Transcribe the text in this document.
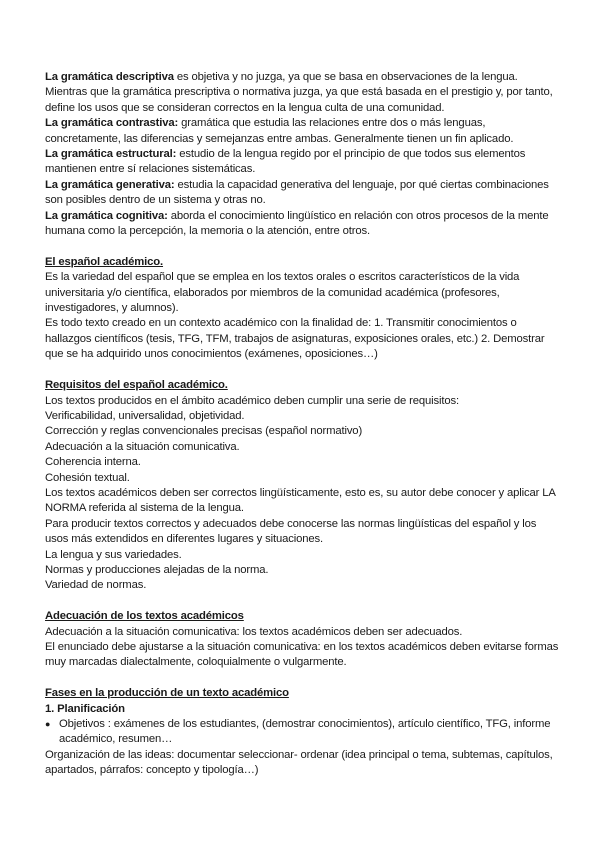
La gramática descriptiva es objetiva y no juzga, ya que se basa en observaciones de la lengua. Mientras que la gramática prescriptiva o normativa juzga, ya que está basada en el prestigio y, por tanto, define los usos que se consideran correctos en la lengua culta de una comunidad.

La gramática contrastiva: gramática que estudia las relaciones entre dos o más lenguas, concretamente, las diferencias y semejanzas entre ambas. Generalmente tienen un fin aplicado.

La gramática estructural: estudio de la lengua regido por el principio de que todos sus elementos mantienen entre sí relaciones sistemáticas.

La gramática generativa: estudia la capacidad generativa del lenguaje, por qué ciertas combinaciones son posibles dentro de un sistema y otras no.

La gramática cognitiva: aborda el conocimiento lingüístico en relación con otros procesos de la mente humana como la percepción, la memoria o la atención, entre otros.

El español académico.

Es la variedad del español que se emplea en los textos orales o escritos característicos de la vida universitaria y/o científica, elaborados por miembros de la comunidad académica (profesores, investigadores, y alumnos).

Es todo texto creado en un contexto académico con la finalidad de: 1. Transmitir conocimientos o hallazgos científicos (tesis, TFG, TFM, trabajos de asignaturas, exposiciones orales, etc.) 2. Demostrar que se ha adquirido unos conocimientos (exámenes, oposiciones…)

Requisitos del español académico.

Los textos producidos en el ámbito académico deben cumplir una serie de requisitos:

Verificabilidad, universalidad, objetividad.

Corrección y reglas convencionales precisas (español normativo)

Adecuación a la situación comunicativa.

Coherencia interna.

Cohesión textual.

Los textos académicos deben ser correctos lingüísticamente, esto es, su autor debe conocer y aplicar LA NORMA referida al sistema de la lengua.

Para producir textos correctos y adecuados debe conocerse las normas lingüísticas del español y los usos más extendidos en diferentes lugares y situaciones.

La lengua y sus variedades.

Normas y producciones alejadas de la norma.

Variedad de normas.

Adecuación de los textos académicos

Adecuación a la situación comunicativa: los textos académicos deben ser adecuados.

El enunciado debe ajustarse a la situación comunicativa: en los textos académicos deben evitarse formas muy marcadas dialectalmente, coloquialmente o vulgarmente.

Fases en la producción de un texto académico

1. Planificación

● Objetivos : exámenes de los estudiantes, (demostrar conocimientos), artículo científico, TFG, informe académico, resumen…

Organización de las ideas: documentar seleccionar- ordenar (idea principal o tema, subtemas, capítulos, apartados, párrafos: concepto y tipología…)
